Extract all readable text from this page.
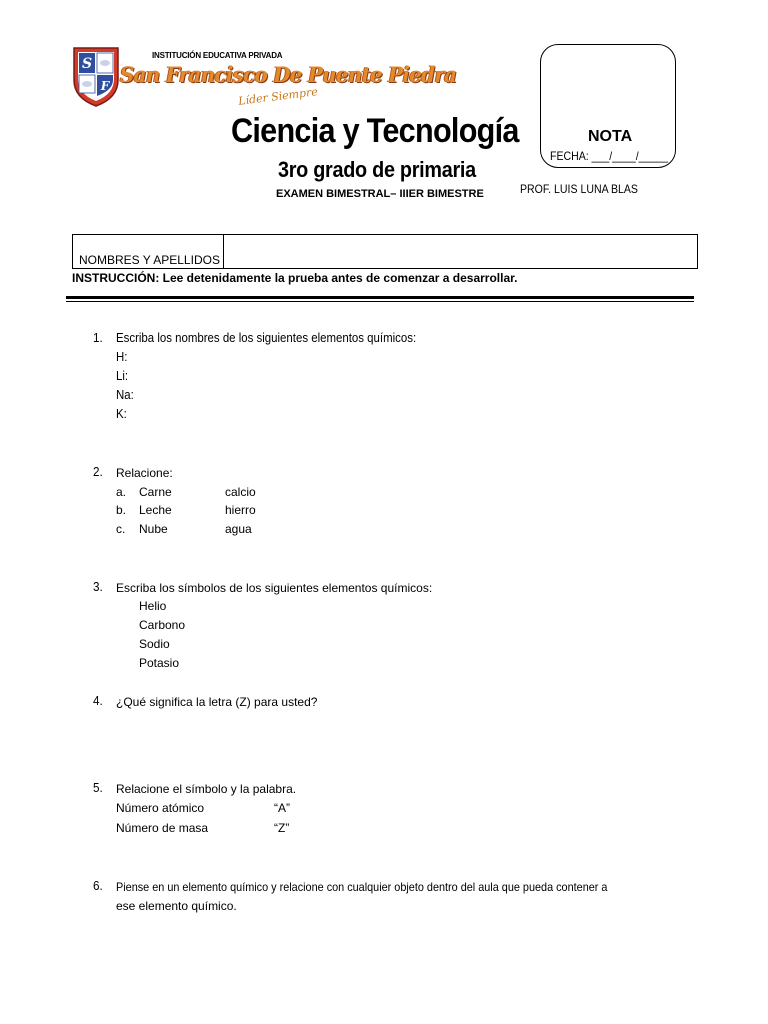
S
F
INSTITUCIÓN EDUCATIVA PRIVADA
San Francisco De Puente Piedra
Líder Siempre
Ciencia y Tecnología
3ro grado de primaria
EXAMEN BIMESTRAL– IIIER BIMESTRE	PROF. LUIS LUNA BLAS
NOTA
FECHA: ___/____/_____
NOMBRES Y APELLIDOS
INSTRUCCIÓN: Lee detenidamente la prueba antes de comenzar a desarrollar.
1. Escriba los nombres de los siguientes elementos químicos:
H:
Li:
Na:
K:
2. Relacione:
a. Carne	calcio
b. Leche	hierro
c. Nube	agua
3. Escriba los símbolos de los siguientes elementos químicos:
Helio
Carbono
Sodio
Potasio
4. ¿Qué significa la letra (Z) para usted?
5. Relacione el símbolo y la palabra.
Número atómico	“A”
Número de masa	“Z”
6. Piense en un elemento químico y relacione con cualquier objeto dentro del aula que pueda contener a
ese elemento químico.
